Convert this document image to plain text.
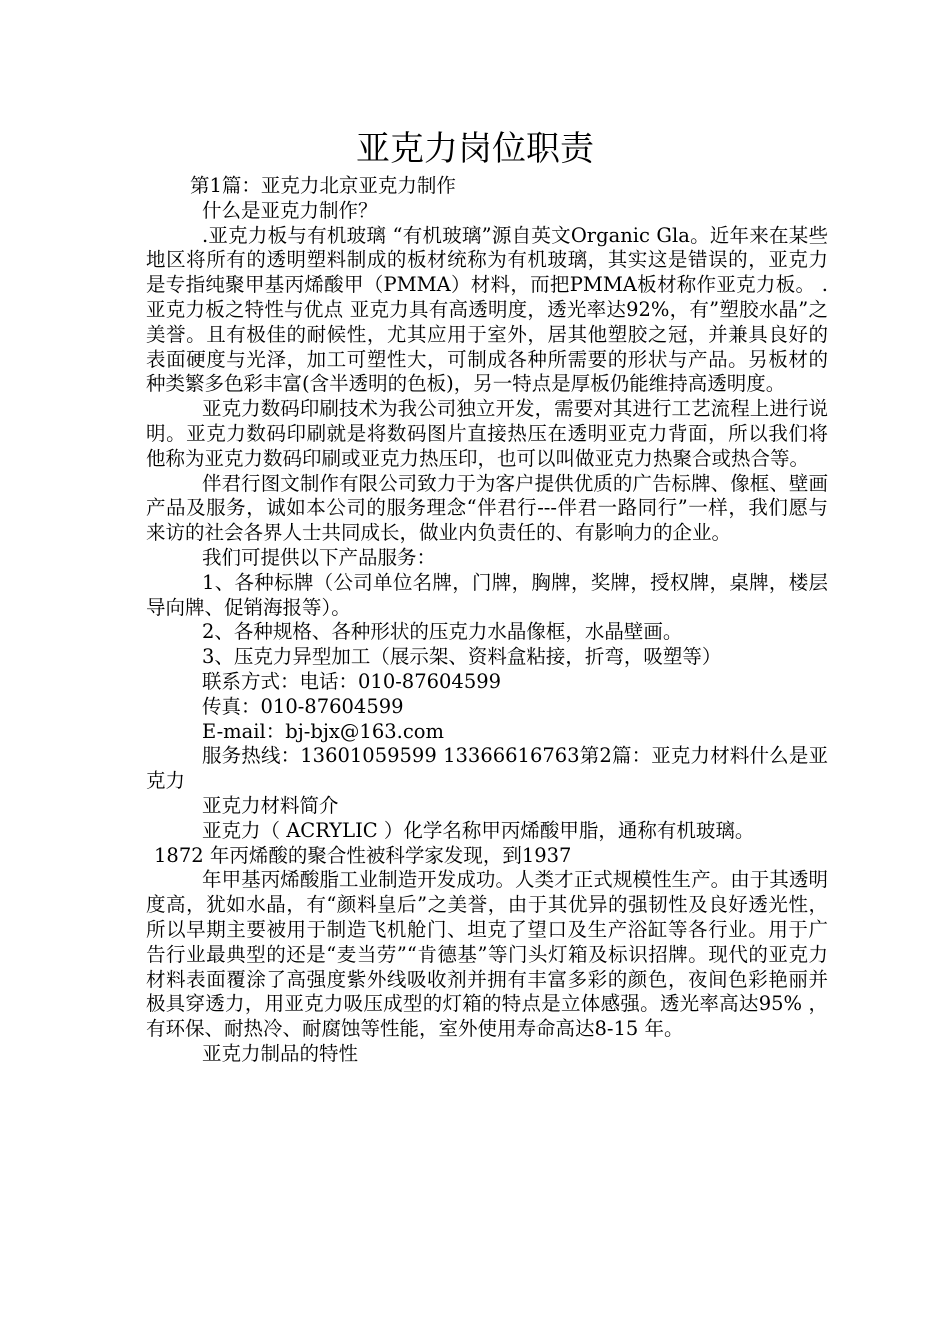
亚克力岗位职责

第1篇：亚克力北京亚克力制作

什么是亚克力制作？

.亚克力板与有机玻璃 “有机玻璃”源自英文Organic Gla。近年来在某些地区将所有的透明塑料制成的板材统称为有机玻璃，其实这是错误的，亚克力是专指纯聚甲基丙烯酸甲（PMMA）材料，而把PMMA板材称作亚克力板。 .亚克力板之特性与优点 亚克力具有高透明度，透光率达92%，有”塑胶水晶”之美誉。且有极佳的耐候性，尤其应用于室外，居其他塑胶之冠，并兼具良好的表面硬度与光泽，加工可塑性大，可制成各种所需要的形状与产品。另板材的种类繁多色彩丰富(含半透明的色板)，另一特点是厚板仍能维持高透明度。

亚克力数码印刷技术为我公司独立开发，需要对其进行工艺流程上进行说明。亚克力数码印刷就是将数码图片直接热压在透明亚克力背面，所以我们将他称为亚克力数码印刷或亚克力热压印，也可以叫做亚克力热聚合或热合等。

伴君行图文制作有限公司致力于为客户提供优质的广告标牌、像框、壁画产品及服务，诚如本公司的服务理念“伴君行---伴君一路同行”一样，我们愿与来访的社会各界人士共同成长，做业内负责任的、有影响力的企业。

我们可提供以下产品服务：

1、各种标牌（公司单位名牌，门牌，胸牌，奖牌，授权牌，桌牌，楼层导向牌、促销海报等）。

2、各种规格、各种形状的压克力水晶像框，水晶壁画。

3、压克力异型加工（展示架、资料盒粘接，折弯，吸塑等）

联系方式：电话：010-87604599

传真：010-87604599

E-mail：bj-bjx@163.com

服务热线：13601059599 13366616763第2篇：亚克力材料什么是亚克力

亚克力材料简介

亚克力（ ACRYLIC ）化学名称甲丙烯酸甲脂，通称有机玻璃。

1872 年丙烯酸的聚合性被科学家发现，到1937

年甲基丙烯酸脂工业制造开发成功。人类才正式规模性生产。由于其透明度高，犹如水晶，有“颜料皇后”之美誉，由于其优异的强韧性及良好透光性，所以早期主要被用于制造飞机舱门、坦克了望口及生产浴缸等各行业。用于广告行业最典型的还是“麦当劳”“肯德基”等门头灯箱及标识招牌。现代的亚克力材料表面覆涂了高强度紫外线吸收剂并拥有丰富多彩的颜色，夜间色彩艳丽并极具穿透力，用亚克力吸压成型的灯箱的特点是立体感强。透光率高达95% ，有环保、耐热冷、耐腐蚀等性能，室外使用寿命高达8-15 年。

亚克力制品的特性
